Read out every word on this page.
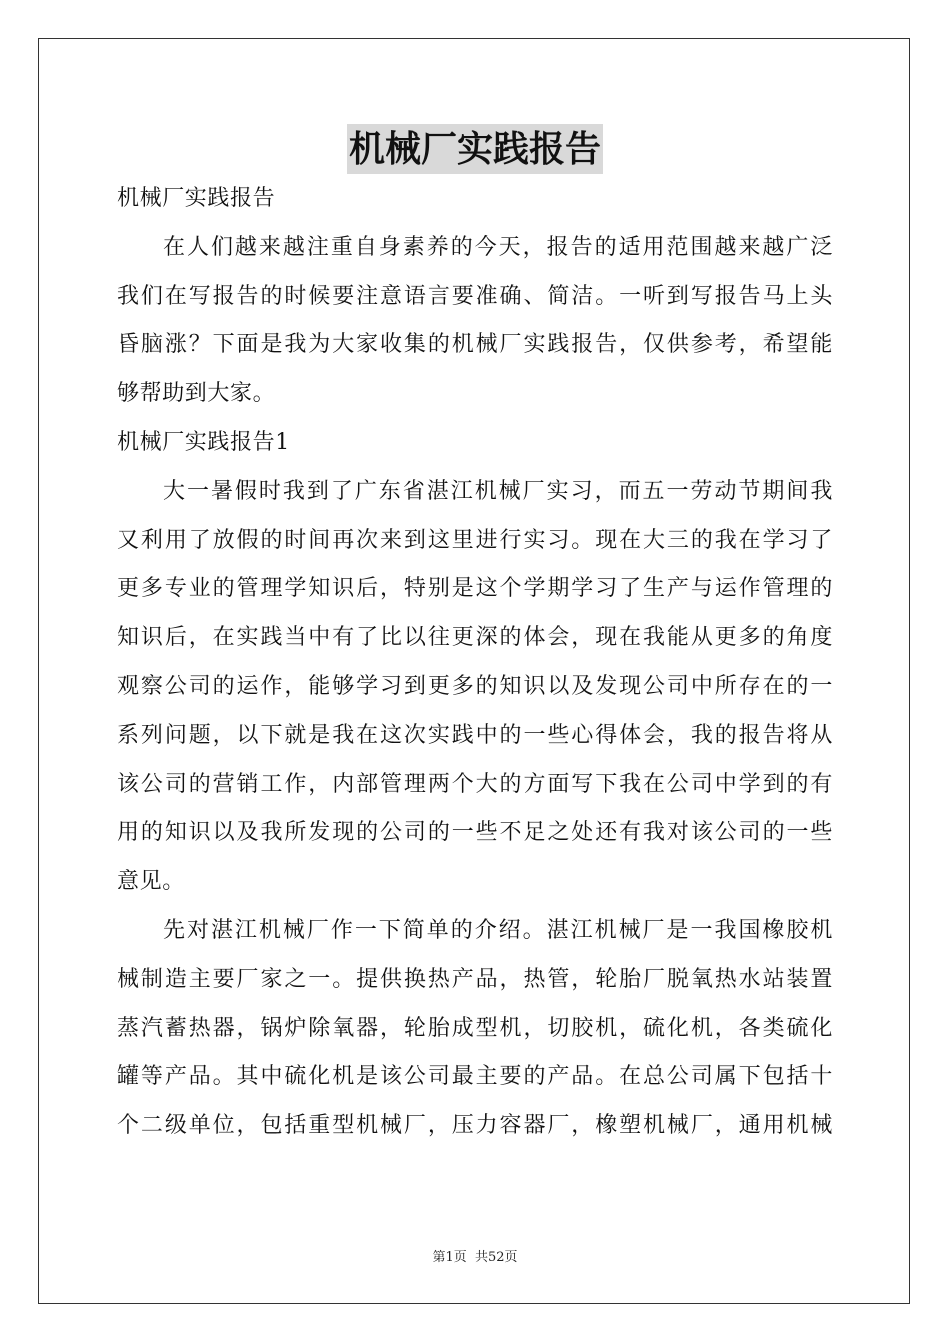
机械厂实践报告
机械厂实践报告
在人们越来越注重自身素养的今天，报告的适用范围越来越广泛
我们在写报告的时候要注意语言要准确、简洁。一听到写报告马上头
昏脑涨？下面是我为大家收集的机械厂实践报告，仅供参考，希望能
够帮助到大家。
机械厂实践报告1
大一暑假时我到了广东省湛江机械厂实习，而五一劳动节期间我
又利用了放假的时间再次来到这里进行实习。现在大三的我在学习了
更多专业的管理学知识后，特别是这个学期学习了生产与运作管理的
知识后，在实践当中有了比以往更深的体会，现在我能从更多的角度
观察公司的运作，能够学习到更多的知识以及发现公司中所存在的一
系列问题，以下就是我在这次实践中的一些心得体会，我的报告将从
该公司的营销工作，内部管理两个大的方面写下我在公司中学到的有
用的知识以及我所发现的公司的一些不足之处还有我对该公司的一些
意见。
先对湛江机械厂作一下简单的介绍。湛江机械厂是一我国橡胶机
械制造主要厂家之一。提供换热产品，热管，轮胎厂脱氧热水站装置
蒸汽蓄热器，锅炉除氧器，轮胎成型机，切胶机，硫化机，各类硫化
罐等产品。其中硫化机是该公司最主要的产品。在总公司属下包括十
个二级单位，包括重型机械厂，压力容器厂，橡塑机械厂，通用机械
第1页 共52页
